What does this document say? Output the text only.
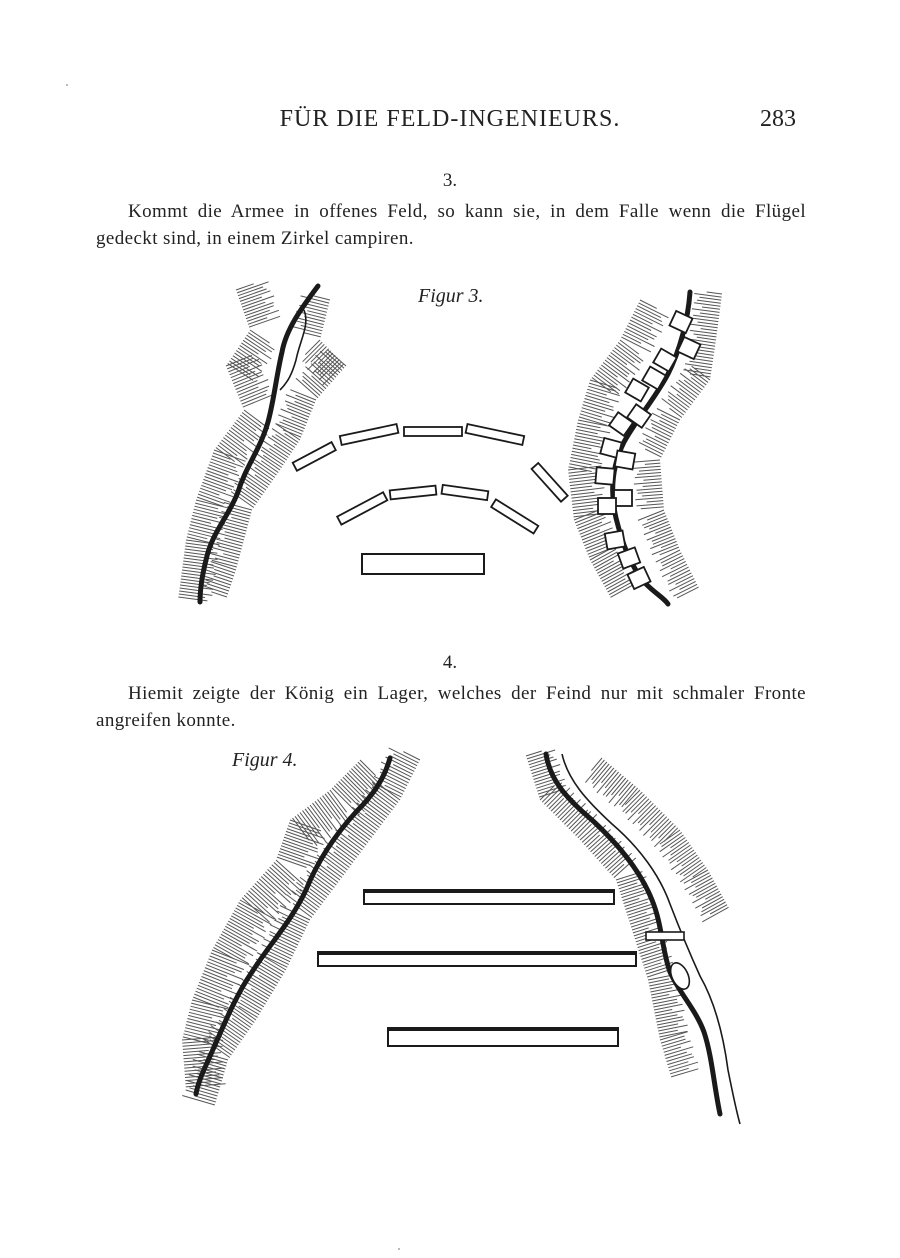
FÜR DIE FELD-INGENIEURS.	283
3.
Kommt die Armee in offenes Feld, so kann sie, in dem Falle wenn die Flügel gedeckt sind, in einem Zirkel campiren.
Figur 3.
4.
Hiemit zeigte der König ein Lager, welches der Feind nur mit schmaler Fronte angreifen konnte.
Figur 4.
